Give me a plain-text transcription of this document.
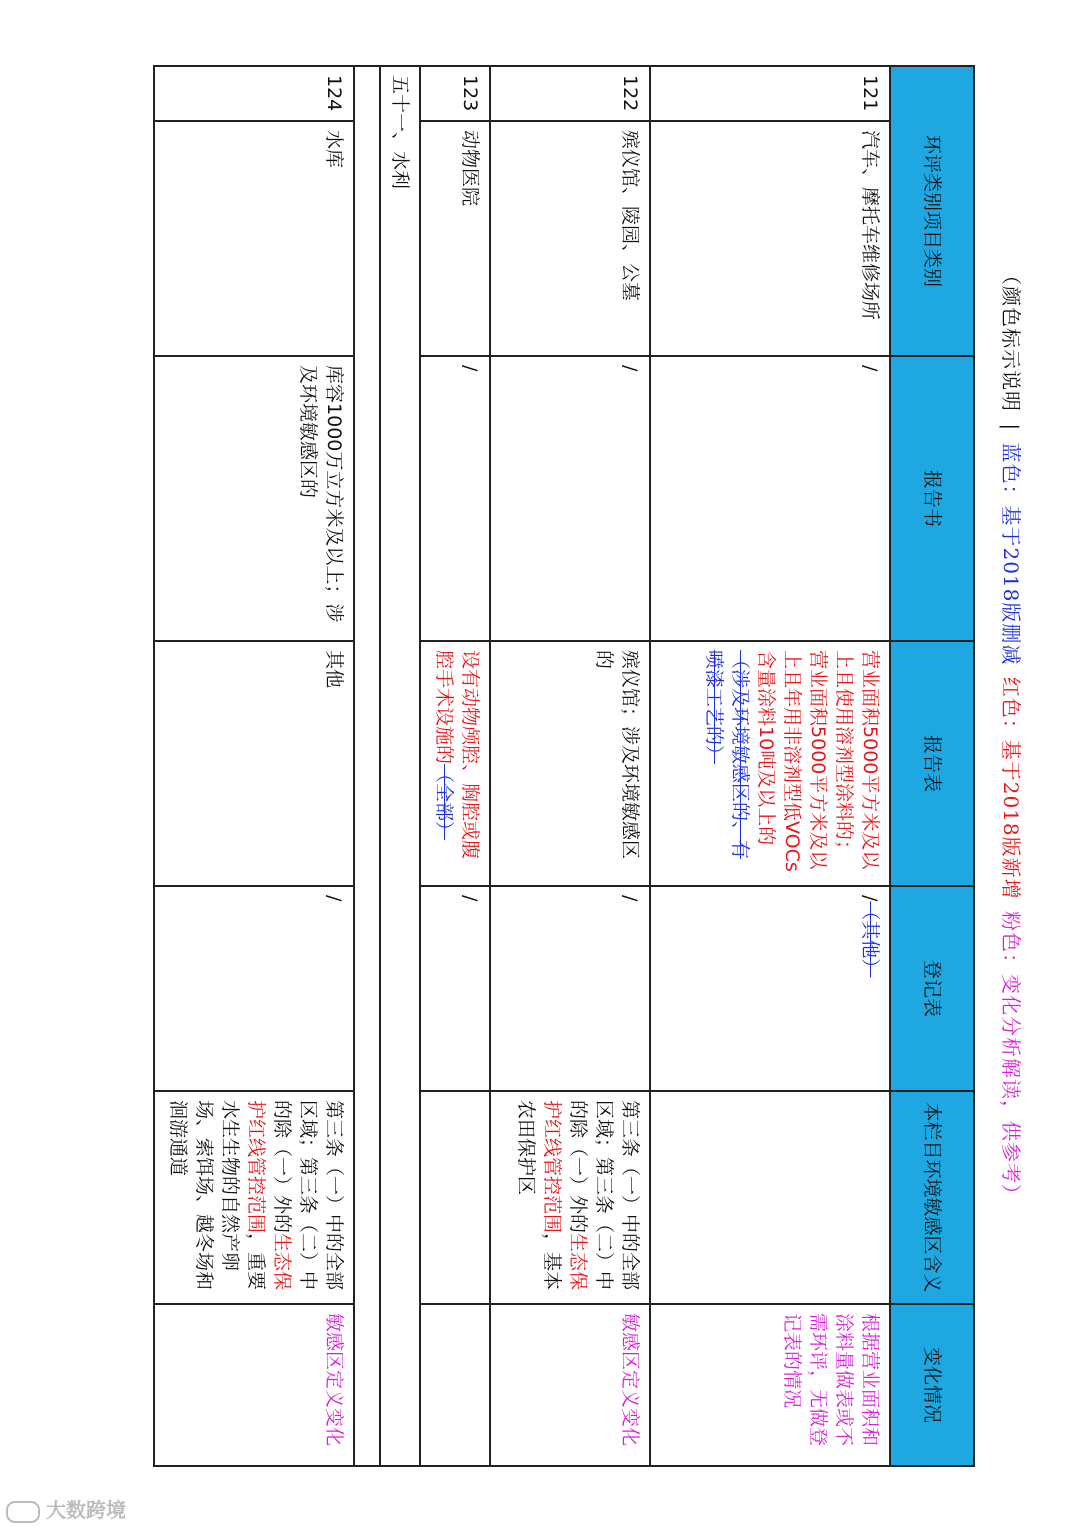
（颜色标示说明 | 蓝色：基于2018版删减 红色：基于2018版新增 粉色：变化分析解读，供参考）
环评类别项目类别		报告书	报告表	登记表	本栏目环境敏感区含义	变化情况
121	汽车、摩托车维修场所	/	营业面积5000平方米及以上且使用溶剂型涂料的；营业面积5000平方米及以上且年用非溶剂型低VOCs含量涂料10吨及以上的（涉及环境敏感区的、有喷漆工艺的）	/（其他）		根据营业面积和涂料量做表或不需环评，无做登记表的情况
122	殡仪馆、陵园、公墓	/	殡仪馆；涉及环境敏感区的	/	第三条（一）中的全部区域；第三条（二）中的除（一）外的生态保护红线管控范围，基本农田保护区	敏感区定义变化
123	动物医院	/	设有动物颅腔、胸腔或腹腔手术设施的（全部）	/		
五十一、水利						

124	水库	库容1000万立方米及以上；涉及环境敏感区的	其他	/	第三条（一）中的全部区域；第三条（二）中的除（一）外的生态保护红线管控范围，重要水生生物的自然产卵场、索饵场、越冬场和洄游通道	敏感区定义变化
大数跨境
